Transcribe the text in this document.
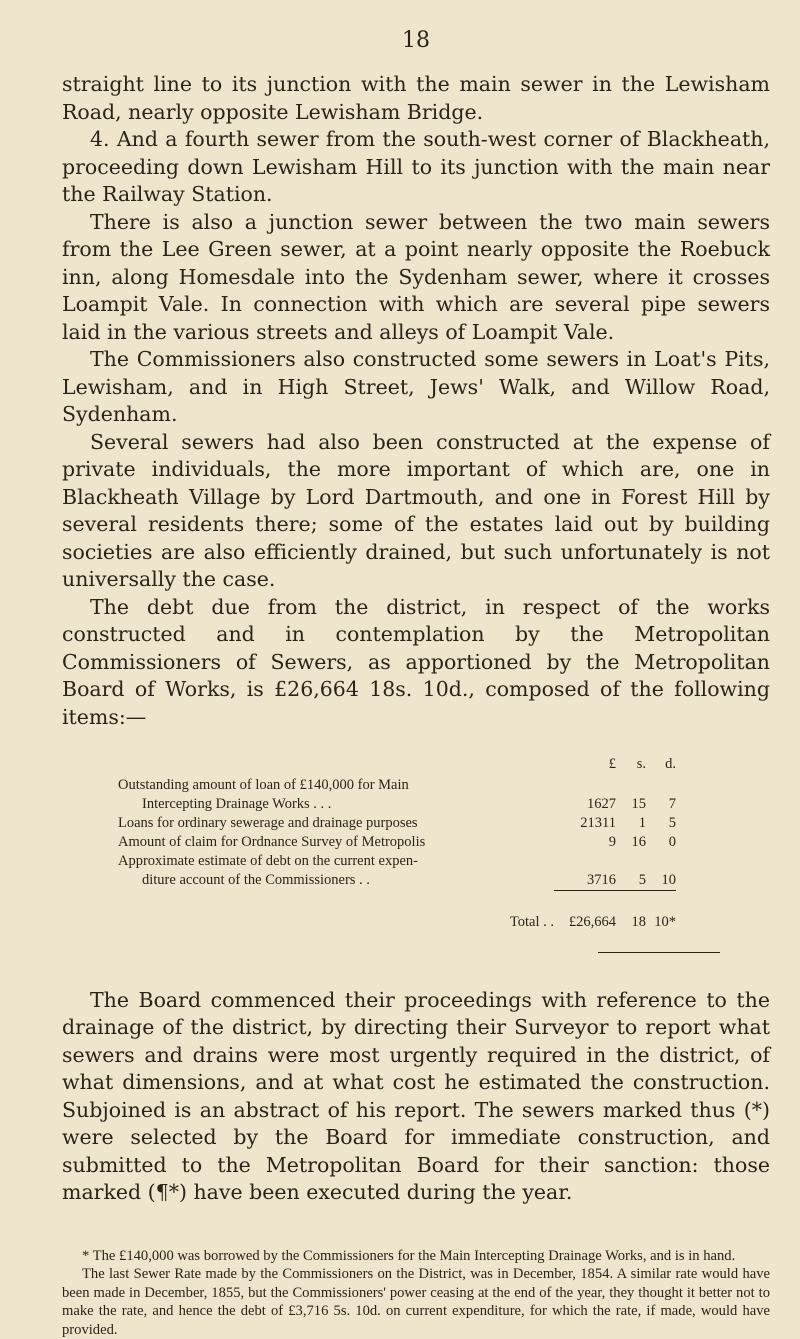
18

straight line to its junction with the main sewer in the Lewisham Road, nearly opposite Lewisham Bridge.

4. And a fourth sewer from the south-west corner of Blackheath, proceeding down Lewisham Hill to its junction with the main near the Railway Station.

There is also a junction sewer between the two main sewers from the Lee Green sewer, at a point nearly opposite the Roebuck inn, along Homesdale into the Sydenham sewer, where it crosses Loampit Vale. In connection with which are several pipe sewers laid in the various streets and alleys of Loampit Vale.

The Commissioners also constructed some sewers in Loat's Pits, Lewisham, and in High Street, Jews' Walk, and Willow Road, Sydenham.

Several sewers had also been constructed at the expense of private individuals, the more important of which are, one in Blackheath Village by Lord Dartmouth, and one in Forest Hill by several residents there; some of the estates laid out by building societies are also efficiently drained, but such unfortunately is not universally the case.

The debt due from the district, in respect of the works constructed and in contemplation by the Metropolitan Commissioners of Sewers, as apportioned by the Metropolitan Board of Works, is £26,664 18s. 10d., composed of the following items:—

	£	s.	d.

Outstanding amount of loan of £140,000 for Main
Intercepting Drainage Works . . .	1627	15	7

Loans for ordinary sewerage and drainage purposes	21311	1	5

Amount of claim for Ordnance Survey of Metropolis	9	16	0

Approximate estimate of debt on the current expen-
diture account of the Commissioners . .	3716	5	10
Total . .	£26,664	18	10*

The Board commenced their proceedings with reference to the drainage of the district, by directing their Surveyor to report what sewers and drains were most urgently required in the district, of what dimensions, and at what cost he estimated the construction. Subjoined is an abstract of his report. The sewers marked thus (*) were selected by the Board for immediate construction, and submitted to the Metropolitan Board for their sanction: those marked (¶*) have been executed during the year.

* The £140,000 was borrowed by the Commissioners for the Main Intercepting Drainage Works, and is in hand.

The last Sewer Rate made by the Commissioners on the District, was in December, 1854. A similar rate would have been made in December, 1855, but the Commissioners' power ceasing at the end of the year, they thought it better not to make the rate, and hence the debt of £3,716 5s. 10d. on current expenditure, for which the rate, if made, would have provided.
